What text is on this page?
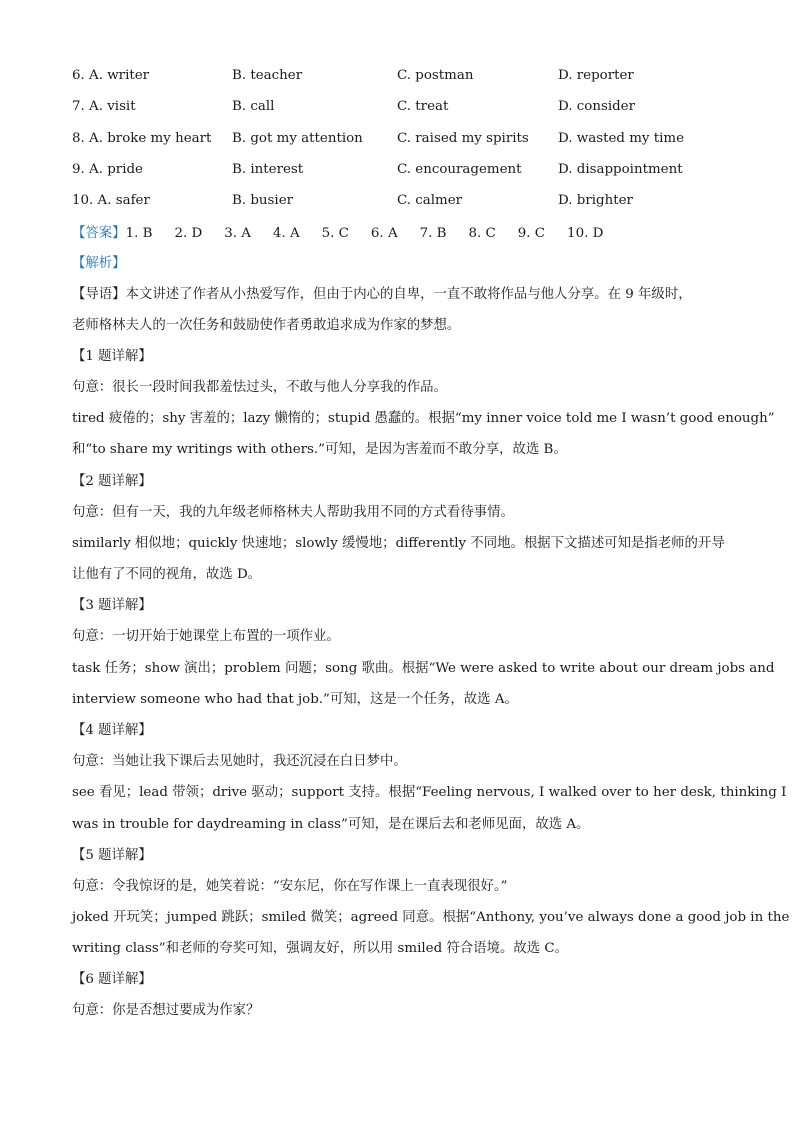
6. A. writer	B. teacher	C. postman	D. reporter
7. A. visit	B. call	C. treat	D. consider
8. A. broke my heart B. got my attention	C. raised my spirits D. wasted my time
9. A. pride	B. interest	C. encouragement	D. disappointment
10. A. safer	B. busier	C. calmer	D. brighter
【答案】1. B 2. D 3. A 4. A 5. C 6. A 7. B 8. C 9. C 10. D
【解析】
【导语】本文讲述了作者从小热爱写作，但由于内心的自卑，一直不敢将作品与他人分享。在 9 年级时，
老师格林夫人的一次任务和鼓励使作者勇敢追求成为作家的梦想。
【1 题详解】
句意：很长一段时间我都羞怯过头，不敢与他人分享我的作品。
tired 疲倦的；shy 害羞的；lazy 懒惰的；stupid 愚蠢的。根据“my inner voice told me I wasn’t good enough”
和“to share my writings with others.”可知，是因为害羞而不敢分享，故选 B。
【2 题详解】
句意：但有一天，我的九年级老师格林夫人帮助我用不同的方式看待事情。
similarly 相似地；quickly 快速地；slowly 缓慢地；differently 不同地。根据下文描述可知是指老师的开导
让他有了不同的视角，故选 D。
【3 题详解】
句意：一切开始于她课堂上布置的一项作业。
task 任务；show 演出；problem 问题；song 歌曲。根据“We were asked to write about our dream jobs and
interview someone who had that job.”可知，这是一个任务，故选 A。
【4 题详解】
句意：当她让我下课后去见她时，我还沉浸在白日梦中。
see 看见；lead 带领；drive 驱动；support 支持。根据“Feeling nervous, I walked over to her desk, thinking I
was in trouble for daydreaming in class”可知，是在课后去和老师见面，故选 A。
【5 题详解】
句意：令我惊讶的是，她笑着说：“安东尼，你在写作课上一直表现很好。”
joked 开玩笑；jumped 跳跃；smiled 微笑；agreed 同意。根据“Anthony, you’ve always done a good job in the
writing class”和老师的夸奖可知，强调友好，所以用 smiled 符合语境。故选 C。
【6 题详解】
句意：你是否想过要成为作家？
